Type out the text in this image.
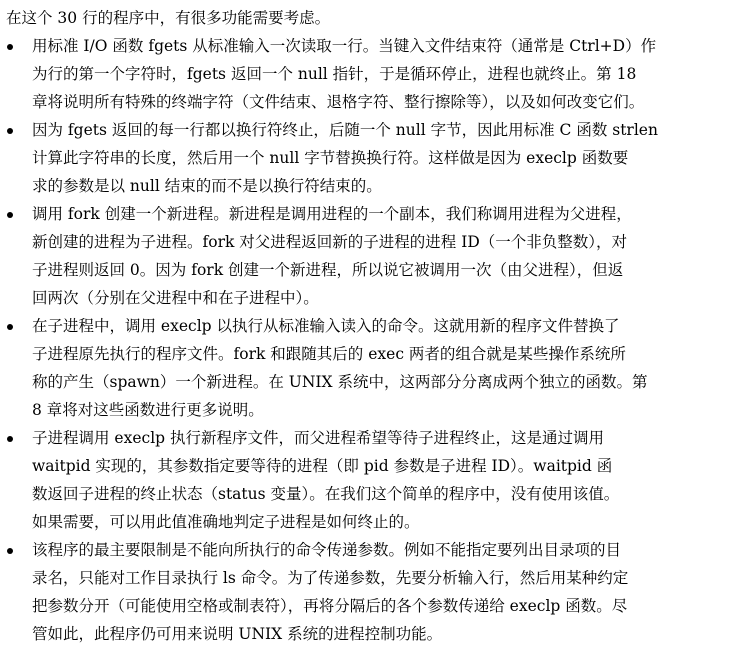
在这个 30 行的程序中，有很多功能需要考虑。

用标准 I/O 函数 fgets 从标准输入一次读取一行。当键入文件结束符（通常是 Ctrl+D）作
为行的第一个字符时，fgets 返回一个 null 指针，于是循环停止，进程也就终止。第 18
章将说明所有特殊的终端字符（文件结束、退格字符、整行擦除等），以及如何改变它们。
因为 fgets 返回的每一行都以换行符终止，后随一个 null 字节，因此用标准 C 函数 strlen
计算此字符串的长度，然后用一个 null 字节替换换行符。这样做是因为 execlp 函数要
求的参数是以 null 结束的而不是以换行符结束的。
调用 fork 创建一个新进程。新进程是调用进程的一个副本，我们称调用进程为父进程，
新创建的进程为子进程。fork 对父进程返回新的子进程的进程 ID（一个非负整数），对
子进程则返回 0。因为 fork 创建一个新进程，所以说它被调用一次（由父进程），但返
回两次（分别在父进程中和在子进程中）。
在子进程中，调用 execlp 以执行从标准输入读入的命令。这就用新的程序文件替换了
子进程原先执行的程序文件。fork 和跟随其后的 exec 两者的组合就是某些操作系统所
称的产生（spawn）一个新进程。在 UNIX 系统中，这两部分分离成两个独立的函数。第
8 章将对这些函数进行更多说明。
子进程调用 execlp 执行新程序文件，而父进程希望等待子进程终止，这是通过调用
waitpid 实现的，其参数指定要等待的进程（即 pid 参数是子进程 ID）。waitpid 函
数返回子进程的终止状态（status 变量）。在我们这个简单的程序中，没有使用该值。
如果需要，可以用此值准确地判定子进程是如何终止的。
该程序的最主要限制是不能向所执行的命令传递参数。例如不能指定要列出目录项的目
录名，只能对工作目录执行 ls 命令。为了传递参数，先要分析输入行，然后用某种约定
把参数分开（可能使用空格或制表符），再将分隔后的各个参数传递给 execlp 函数。尽
管如此，此程序仍可用来说明 UNIX 系统的进程控制功能。
